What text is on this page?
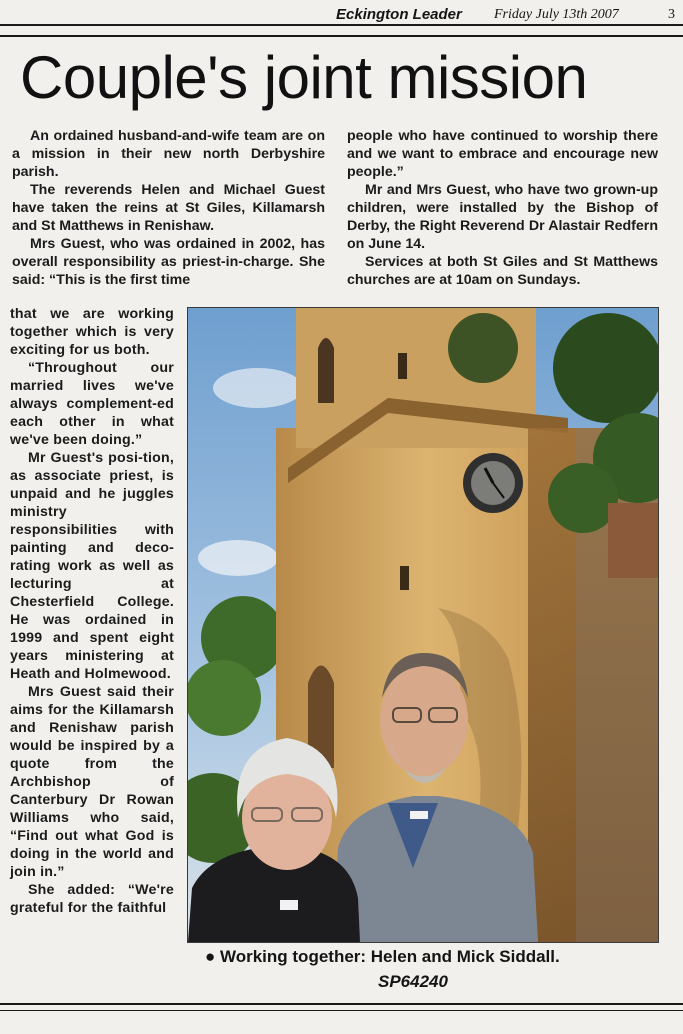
Eckington Leader Friday July 13th 2007	3
Couple's joint mission

An ordained husband-and-wife team are on a mission in their new north Derbyshire parish.

The reverends Helen and Michael Guest have taken the reins at St Giles, Killamarsh and St Matthews in Renishaw.

Mrs Guest, who was ordained in 2002, has overall responsibility as priest-in-charge. She said: “This is the first time

people who have continued to worship there and we want to embrace and encourage new people.”

Mr and Mrs Guest, who have two grown-up children, were installed by the Bishop of Derby, the Right Reverend Dr Alastair Redfern on June 14.

Services at both St Giles and St Matthews churches are at 10am on Sundays.

that we are working together which is very exciting for us both.

“Throughout our married lives we've always complement-ed each other in what we've been doing.”

Mr Guest's posi-tion, as associate priest, is unpaid and he juggles ministry responsibilities with painting and deco-rating work as well as lecturing at Chesterfield College. He was ordained in 1999 and spent eight years ministering at Heath and Holmewood.

Mrs Guest said their aims for the Killamarsh and Renishaw parish would be inspired by a quote from the Archbishop of Canterbury Dr Rowan Williams who said, “Find out what God is doing in the world and join in.”

She added: “We're grateful for the faithful

● Working together: Helen and Mick Siddall.
SP64240
